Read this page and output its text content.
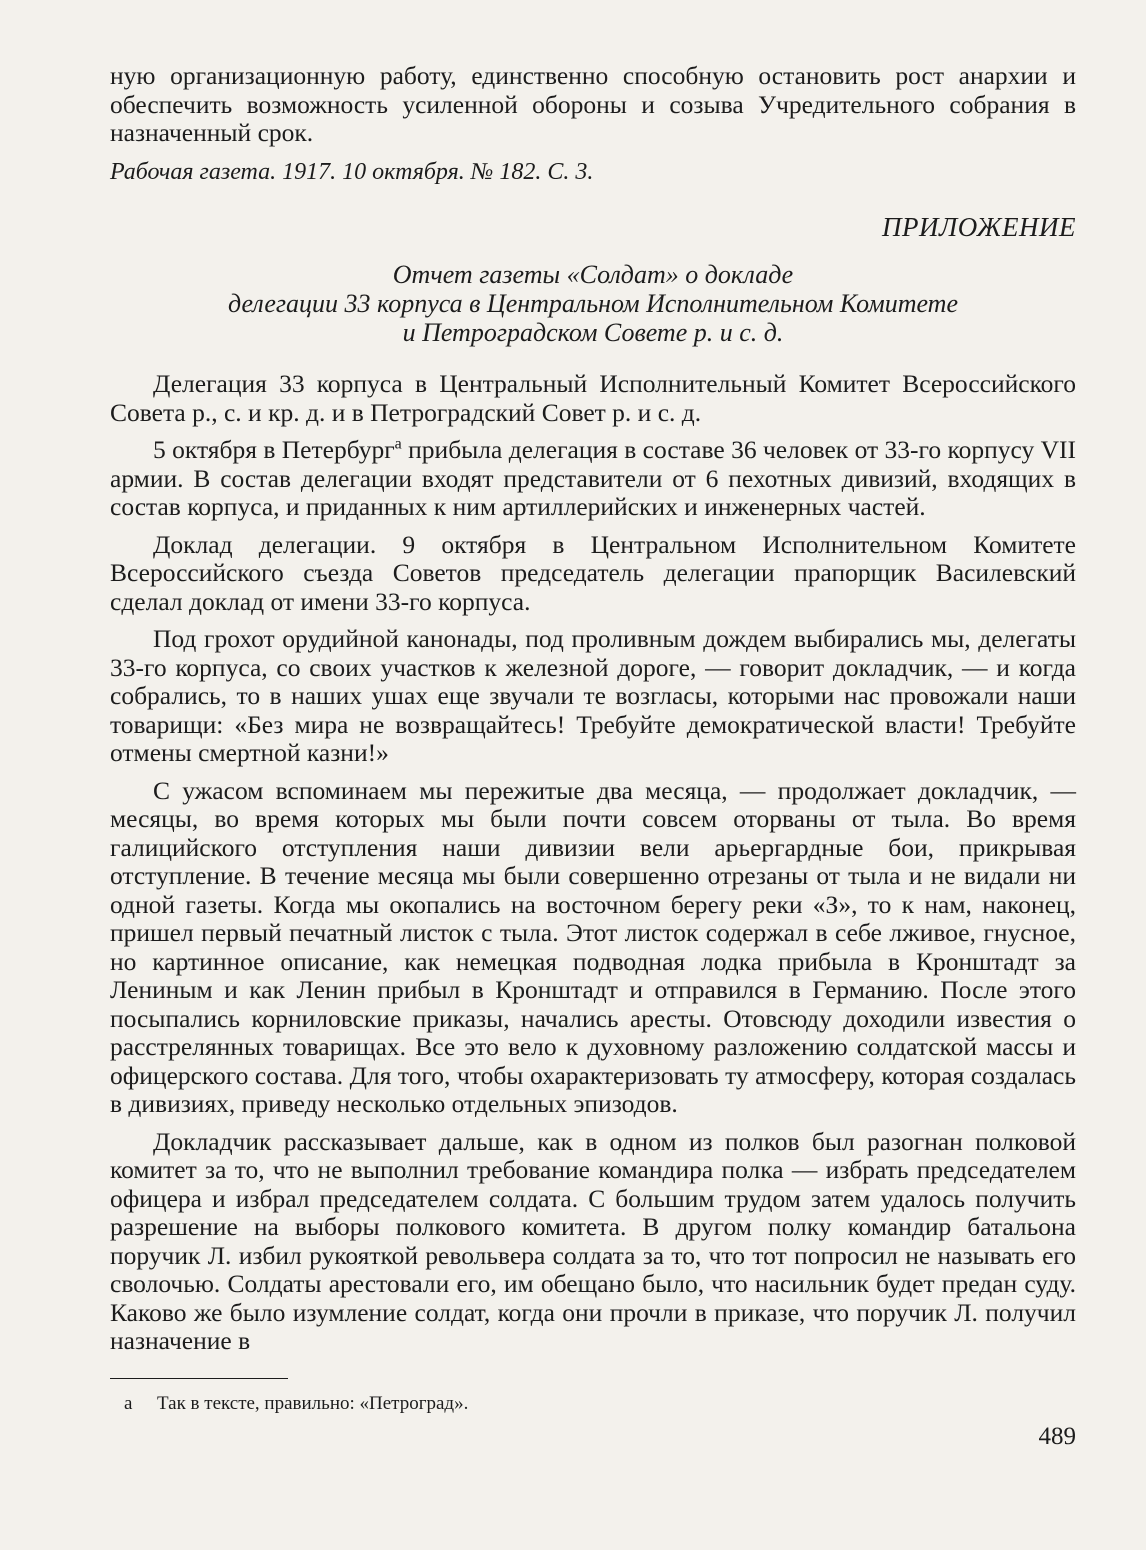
ную организационную работу, единственно способную остановить рост анархии и обеспечить возможность усиленной обороны и созыва Учредительного собрания в назначенный срок.

Рабочая газета. 1917. 10 октября. № 182. С. 3.
ПРИЛОЖЕНИЕ
Отчет газеты «Солдат» о докладе
делегации 33 корпуса в Центральном Исполнительном Комитете
и Петроградском Совете р. и с. д.

Делегация 33 корпуса в Центральный Исполнительный Комитет Всероссийского Совета р., с. и кр. д. и в Петроградский Совет р. и с. д.

5 октября в Петербург$^а$ прибыла делегация в составе 36 человек от 33-го корпусу VII армии. В состав делегации входят представители от 6 пехотных дивизий, входящих в состав корпуса, и приданных к ним артиллерийских и инженерных частей.

Доклад делегации. 9 октября в Центральном Исполнительном Комитете Всероссийского съезда Советов председатель делегации прапорщик Василевский сделал доклад от имени 33-го корпуса.

Под грохот орудийной канонады, под проливным дождем выбирались мы, делегаты 33-го корпуса, со своих участков к железной дороге, — говорит докладчик, — и когда собрались, то в наших ушах еще звучали те возгласы, которыми нас провожали наши товарищи: «Без мира не возвращайтесь! Требуйте демократической власти! Требуйте отмены смертной казни!»

С ужасом вспоминаем мы пережитые два месяца, — продолжает докладчик, — месяцы, во время которых мы были почти совсем оторваны от тыла. Во время галицийского отступления наши дивизии вели арьергардные бои, прикрывая отступление. В течение месяца мы были совершенно отрезаны от тыла и не видали ни одной газеты. Когда мы окопались на восточном берегу реки «З», то к нам, наконец, пришел первый печатный листок с тыла. Этот листок содержал в себе лживое, гнусное, но картинное описание, как немецкая подводная лодка прибыла в Кронштадт за Лениным и как Ленин прибыл в Кронштадт и отправился в Германию. После этого посыпались корниловские приказы, начались аресты. Отовсюду доходили известия о расстрелянных товарищах. Все это вело к духовному разложению солдатской массы и офицерского состава. Для того, чтобы охарактеризовать ту атмосферу, которая создалась в дивизиях, приведу несколько отдельных эпизодов.

Докладчик рассказывает дальше, как в одном из полков был разогнан полковой комитет за то, что не выполнил требование командира полка — избрать председателем офицера и избрал председателем солдата. С большим трудом затем удалось получить разрешение на выборы полкового комитета. В другом полку командир батальона поручик Л. избил рукояткой револьвера солдата за то, что тот попросил не называть его сволочью. Солдаты арестовали его, им обещано было, что насильник будет предан суду. Каково же было изумление солдат, когда они прочли в приказе, что поручик Л. получил назначение в

а Так в тексте, правильно: «Петроград».
489
